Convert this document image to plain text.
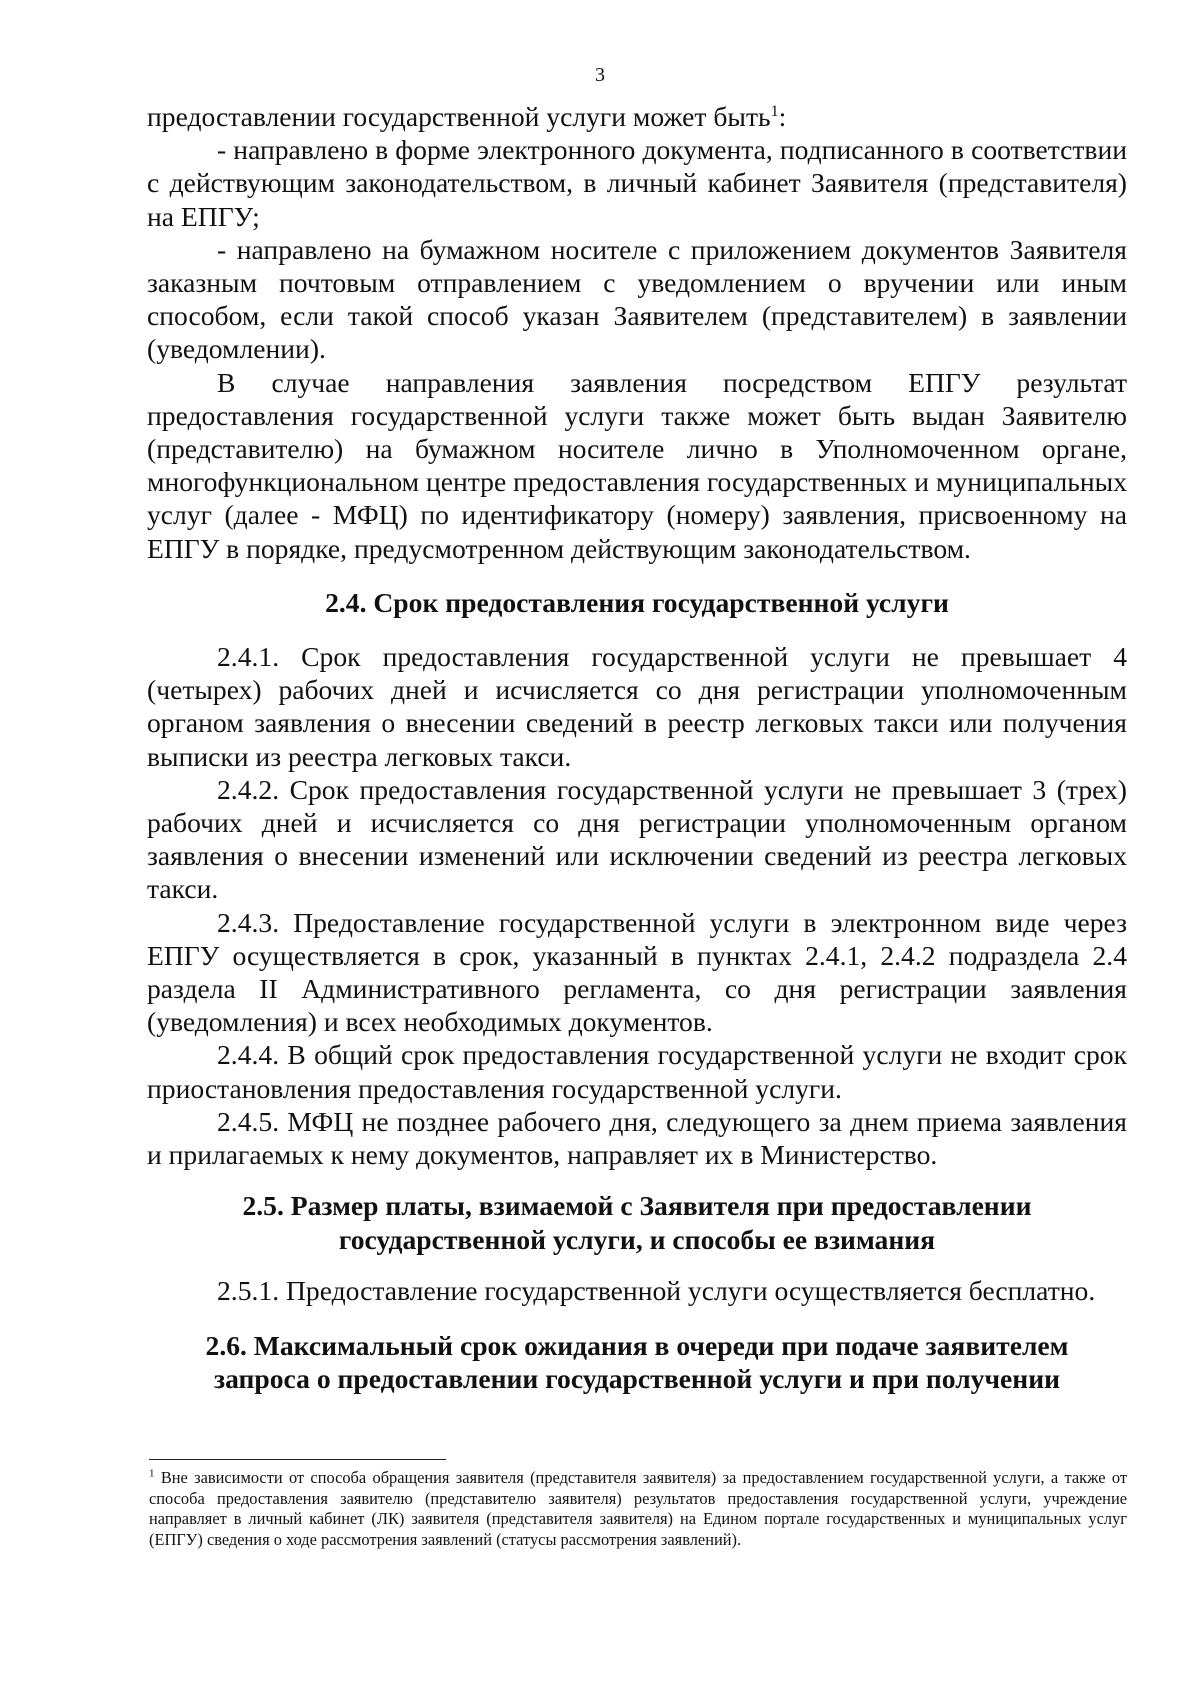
3

предоставлении государственной услуги может быть$^1$:

- направлено в форме электронного документа, подписанного в соответствии с действующим законодательством, в личный кабинет Заявителя (представителя) на ЕПГУ;

- направлено на бумажном носителе с приложением документов Заявителя заказным почтовым отправлением с уведомлением о вручении или иным способом, если такой способ указан Заявителем (представителем) в заявлении (уведомлении).

В случае направления заявления посредством ЕПГУ результат предоставления государственной услуги также может быть выдан Заявителю (представителю) на бумажном носителе лично в Уполномоченном органе, многофункциональном центре предоставления государственных и муниципальных услуг (далее - МФЦ) по идентификатору (номеру) заявления, присвоенному на ЕПГУ в порядке, предусмотренном действующим законодательством.

2.4. Срок предоставления государственной услуги

2.4.1. Срок предоставления государственной услуги не превышает 4 (четырех) рабочих дней и исчисляется со дня регистрации уполномоченным органом заявления о внесении сведений в реестр легковых такси или получения выписки из реестра легковых такси.

2.4.2. Срок предоставления государственной услуги не превышает 3 (трех) рабочих дней и исчисляется со дня регистрации уполномоченным органом заявления о внесении изменений или исключении сведений из реестра легковых такси.

2.4.3. Предоставление государственной услуги в электронном виде через ЕПГУ осуществляется в срок, указанный в пунктах 2.4.1, 2.4.2 подраздела 2.4 раздела II Административного регламента, со дня регистрации заявления (уведомления) и всех необходимых документов.

2.4.4. В общий срок предоставления государственной услуги не входит срок приостановления предоставления государственной услуги.

2.4.5. МФЦ не позднее рабочего дня, следующего за днем приема заявления и прилагаемых к нему документов, направляет их в Министерство.

2.5. Размер платы, взимаемой с Заявителя при предоставлении
государственной услуги, и способы ее взимания

2.5.1. Предоставление государственной услуги осуществляется бесплатно.

2.6. Максимальный срок ожидания в очереди при подаче заявителем
запроса о предоставлении государственной услуги и при получении
$^1$ Вне зависимости от способа обращения заявителя (представителя заявителя) за предоставлением государственной услуги, а также от способа предоставления заявителю (представителю заявителя) результатов предоставления государственной услуги, учреждение направляет в личный кабинет (ЛК) заявителя (представителя заявителя) на Едином портале государственных и муниципальных услуг (ЕПГУ) сведения о ходе рассмотрения заявлений (статусы рассмотрения заявлений).
